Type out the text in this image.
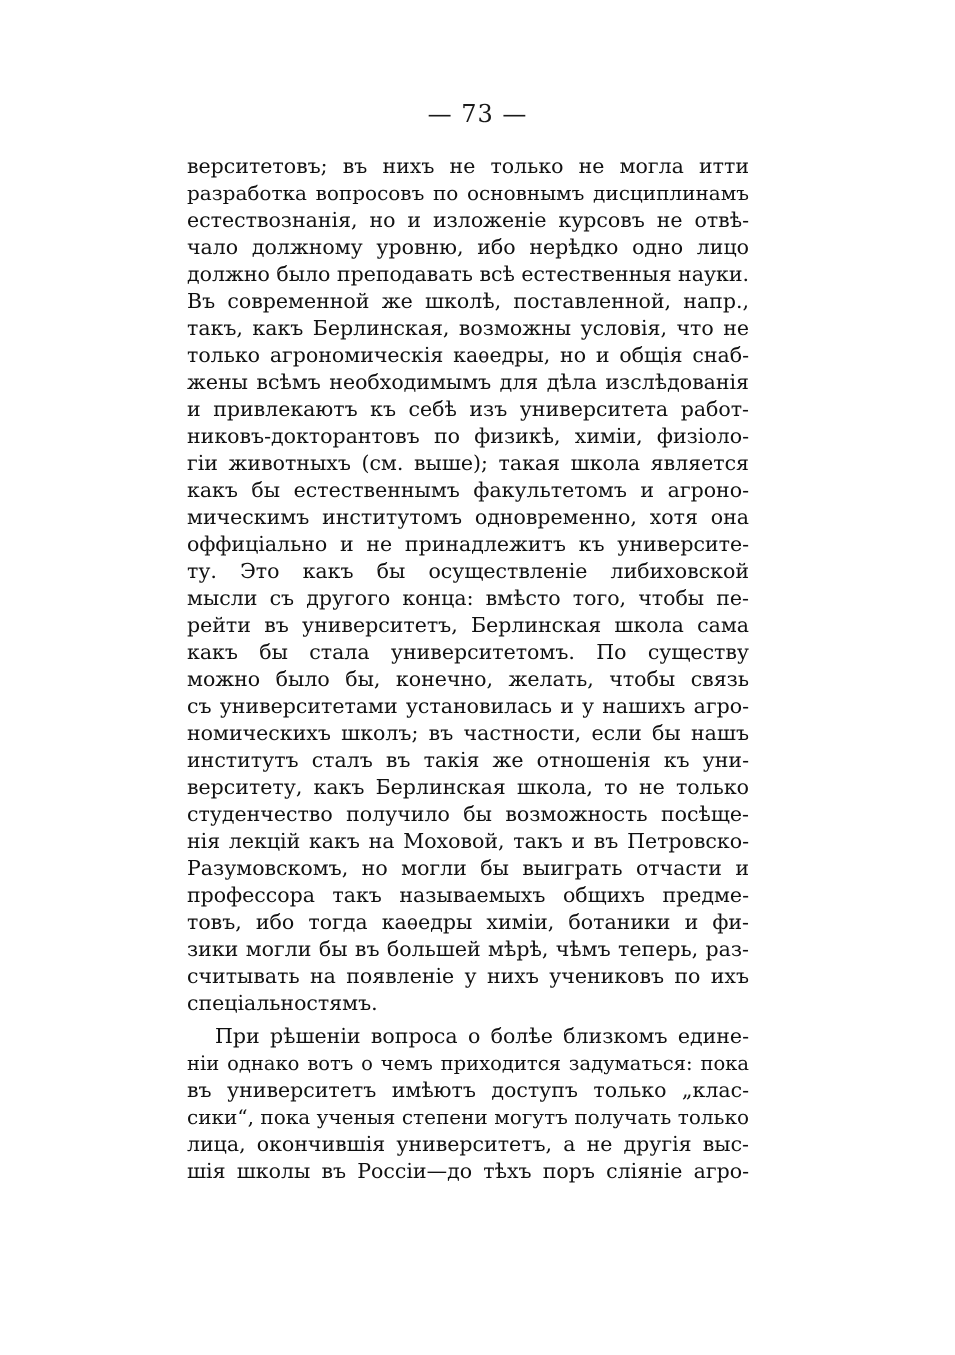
— 73 —
верситетовъ; въ нихъ не только не могла итти
разработка вопросовъ по основнымъ дисциплинамъ
естествознанія, но и изложеніе курсовъ не отвѣ-
чало должному уровню, ибо нерѣдко одно лицо
должно было преподавать всѣ естественныя науки.
Въ современной же школѣ, поставленной, напр.,
такъ, какъ Берлинская, возможны условія, что не
только агрономическія каѳедры, но и общія снаб-
жены всѣмъ необходимымъ для дѣла изслѣдованія
и привлекаютъ къ себѣ изъ университета работ-
никовъ-докторантовъ по физикѣ, химіи, физіоло-
гіи животныхъ (см. выше); такая школа является
какъ бы естественнымъ факультетомъ и агроно-
мическимъ институтомъ одновременно, хотя она
оффиціально и не принадлежитъ къ университе-
ту. Это какъ бы осуществленіе либиховской
мысли съ другого конца: вмѣсто того, чтобы пе-
рейти въ университетъ, Берлинская школа сама
какъ бы стала университетомъ. По существу
можно было бы, конечно, желать, чтобы связь
съ университетами установилась и у нашихъ агро-
номическихъ школъ; въ частности, если бы нашъ
институтъ сталъ въ такія же отношенія къ уни-
верситету, какъ Берлинская школа, то не только
студенчество получило бы возможность посѣще-
нія лекцій какъ на Моховой, такъ и въ Петровско-
Разумовскомъ, но могли бы выиграть отчасти и
профессора такъ называемыхъ общихъ предме-
товъ, ибо тогда каѳедры химіи, ботаники и фи-
зики могли бы въ большей мѣрѣ, чѣмъ теперь, раз-
считывать на появленіе у нихъ учениковъ по ихъ
спеціальностямъ.
При рѣшеніи вопроса о болѣе близкомъ едине-
ніи однако вотъ о чемъ приходится задуматься: пока
въ университетъ имѣютъ доступъ только „клас-
сики“, пока ученыя степени могутъ получать только
лица, окончившія университетъ, а не другія выс-
шія школы въ Россіи—до тѣхъ поръ сліяніе агро-
